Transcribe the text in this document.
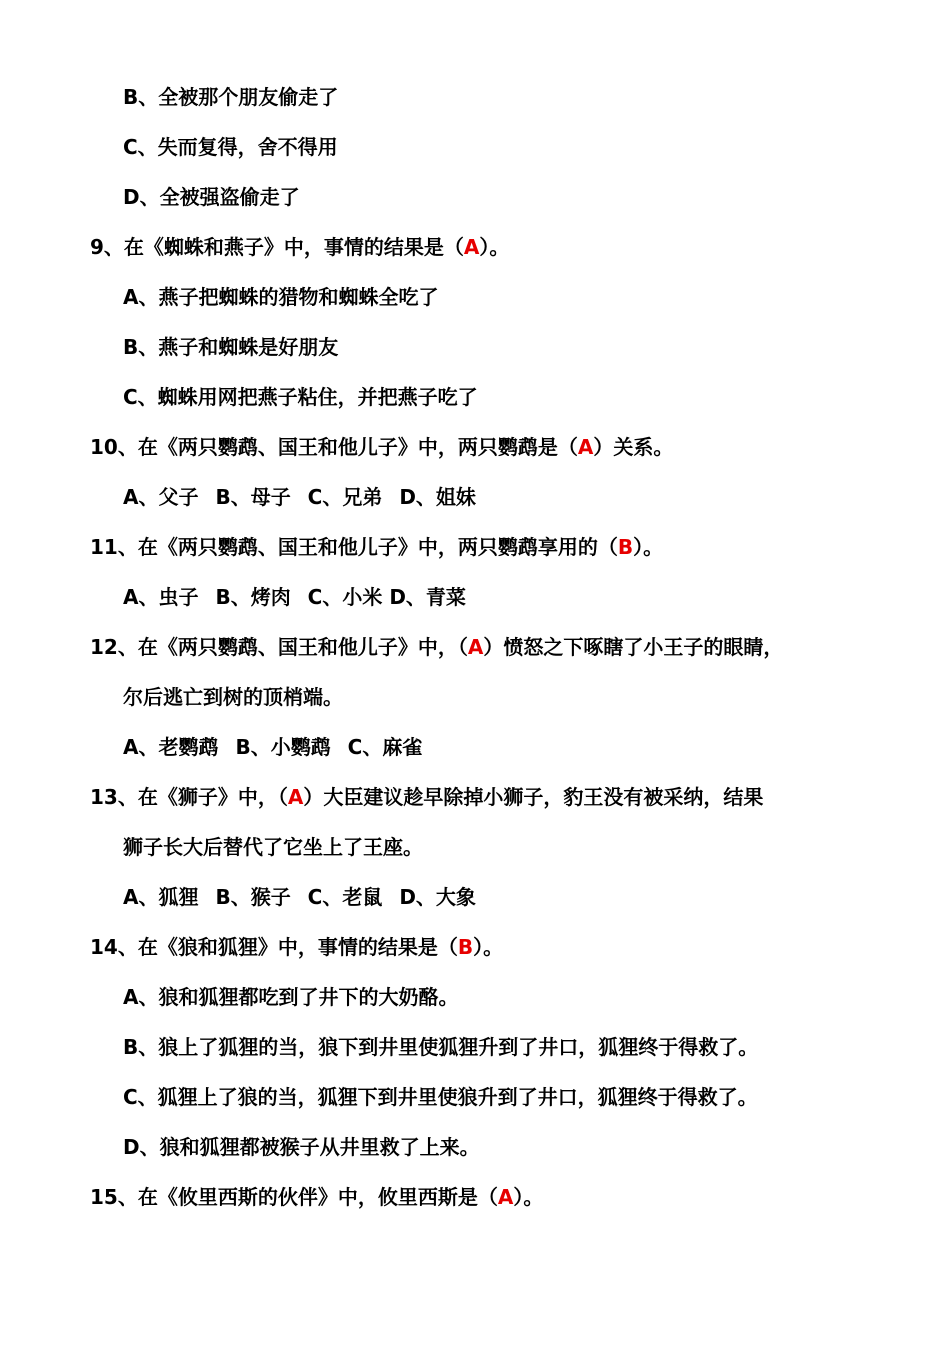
B、全被那个朋友偷走了
C、失而复得，舍不得用
D、全被强盗偷走了
9、在《蜘蛛和燕子》中，事情的结果是（A）。
A、燕子把蜘蛛的猎物和蜘蛛全吃了
B、燕子和蜘蛛是好朋友
C、蜘蛛用网把燕子粘住，并把燕子吃了
10、在《两只鹦鹉、国王和他儿子》中，两只鹦鹉是（A）关系。
A、父子 B、母子 C、兄弟 D、姐妹
11、在《两只鹦鹉、国王和他儿子》中，两只鹦鹉享用的（B）。
A、虫子 B、烤肉 C、小米 D、青菜
12、在《两只鹦鹉、国王和他儿子》中，（A）愤怒之下啄瞎了小王子的眼睛，
尔后逃亡到树的顶梢端。
A、老鹦鹉 B、小鹦鹉 C、麻雀
13、在《狮子》中，（A）大臣建议趁早除掉小狮子，豹王没有被采纳，结果
狮子长大后替代了它坐上了王座。
A、狐狸 B、猴子 C、老鼠 D、大象
14、在《狼和狐狸》中，事情的结果是（B）。
A、狼和狐狸都吃到了井下的大奶酪。
B、狼上了狐狸的当，狼下到井里使狐狸升到了井口，狐狸终于得救了。
C、狐狸上了狼的当，狐狸下到井里使狼升到了井口，狐狸终于得救了。
D、狼和狐狸都被猴子从井里救了上来。
15、在《攸里西斯的伙伴》中，攸里西斯是（A）。
